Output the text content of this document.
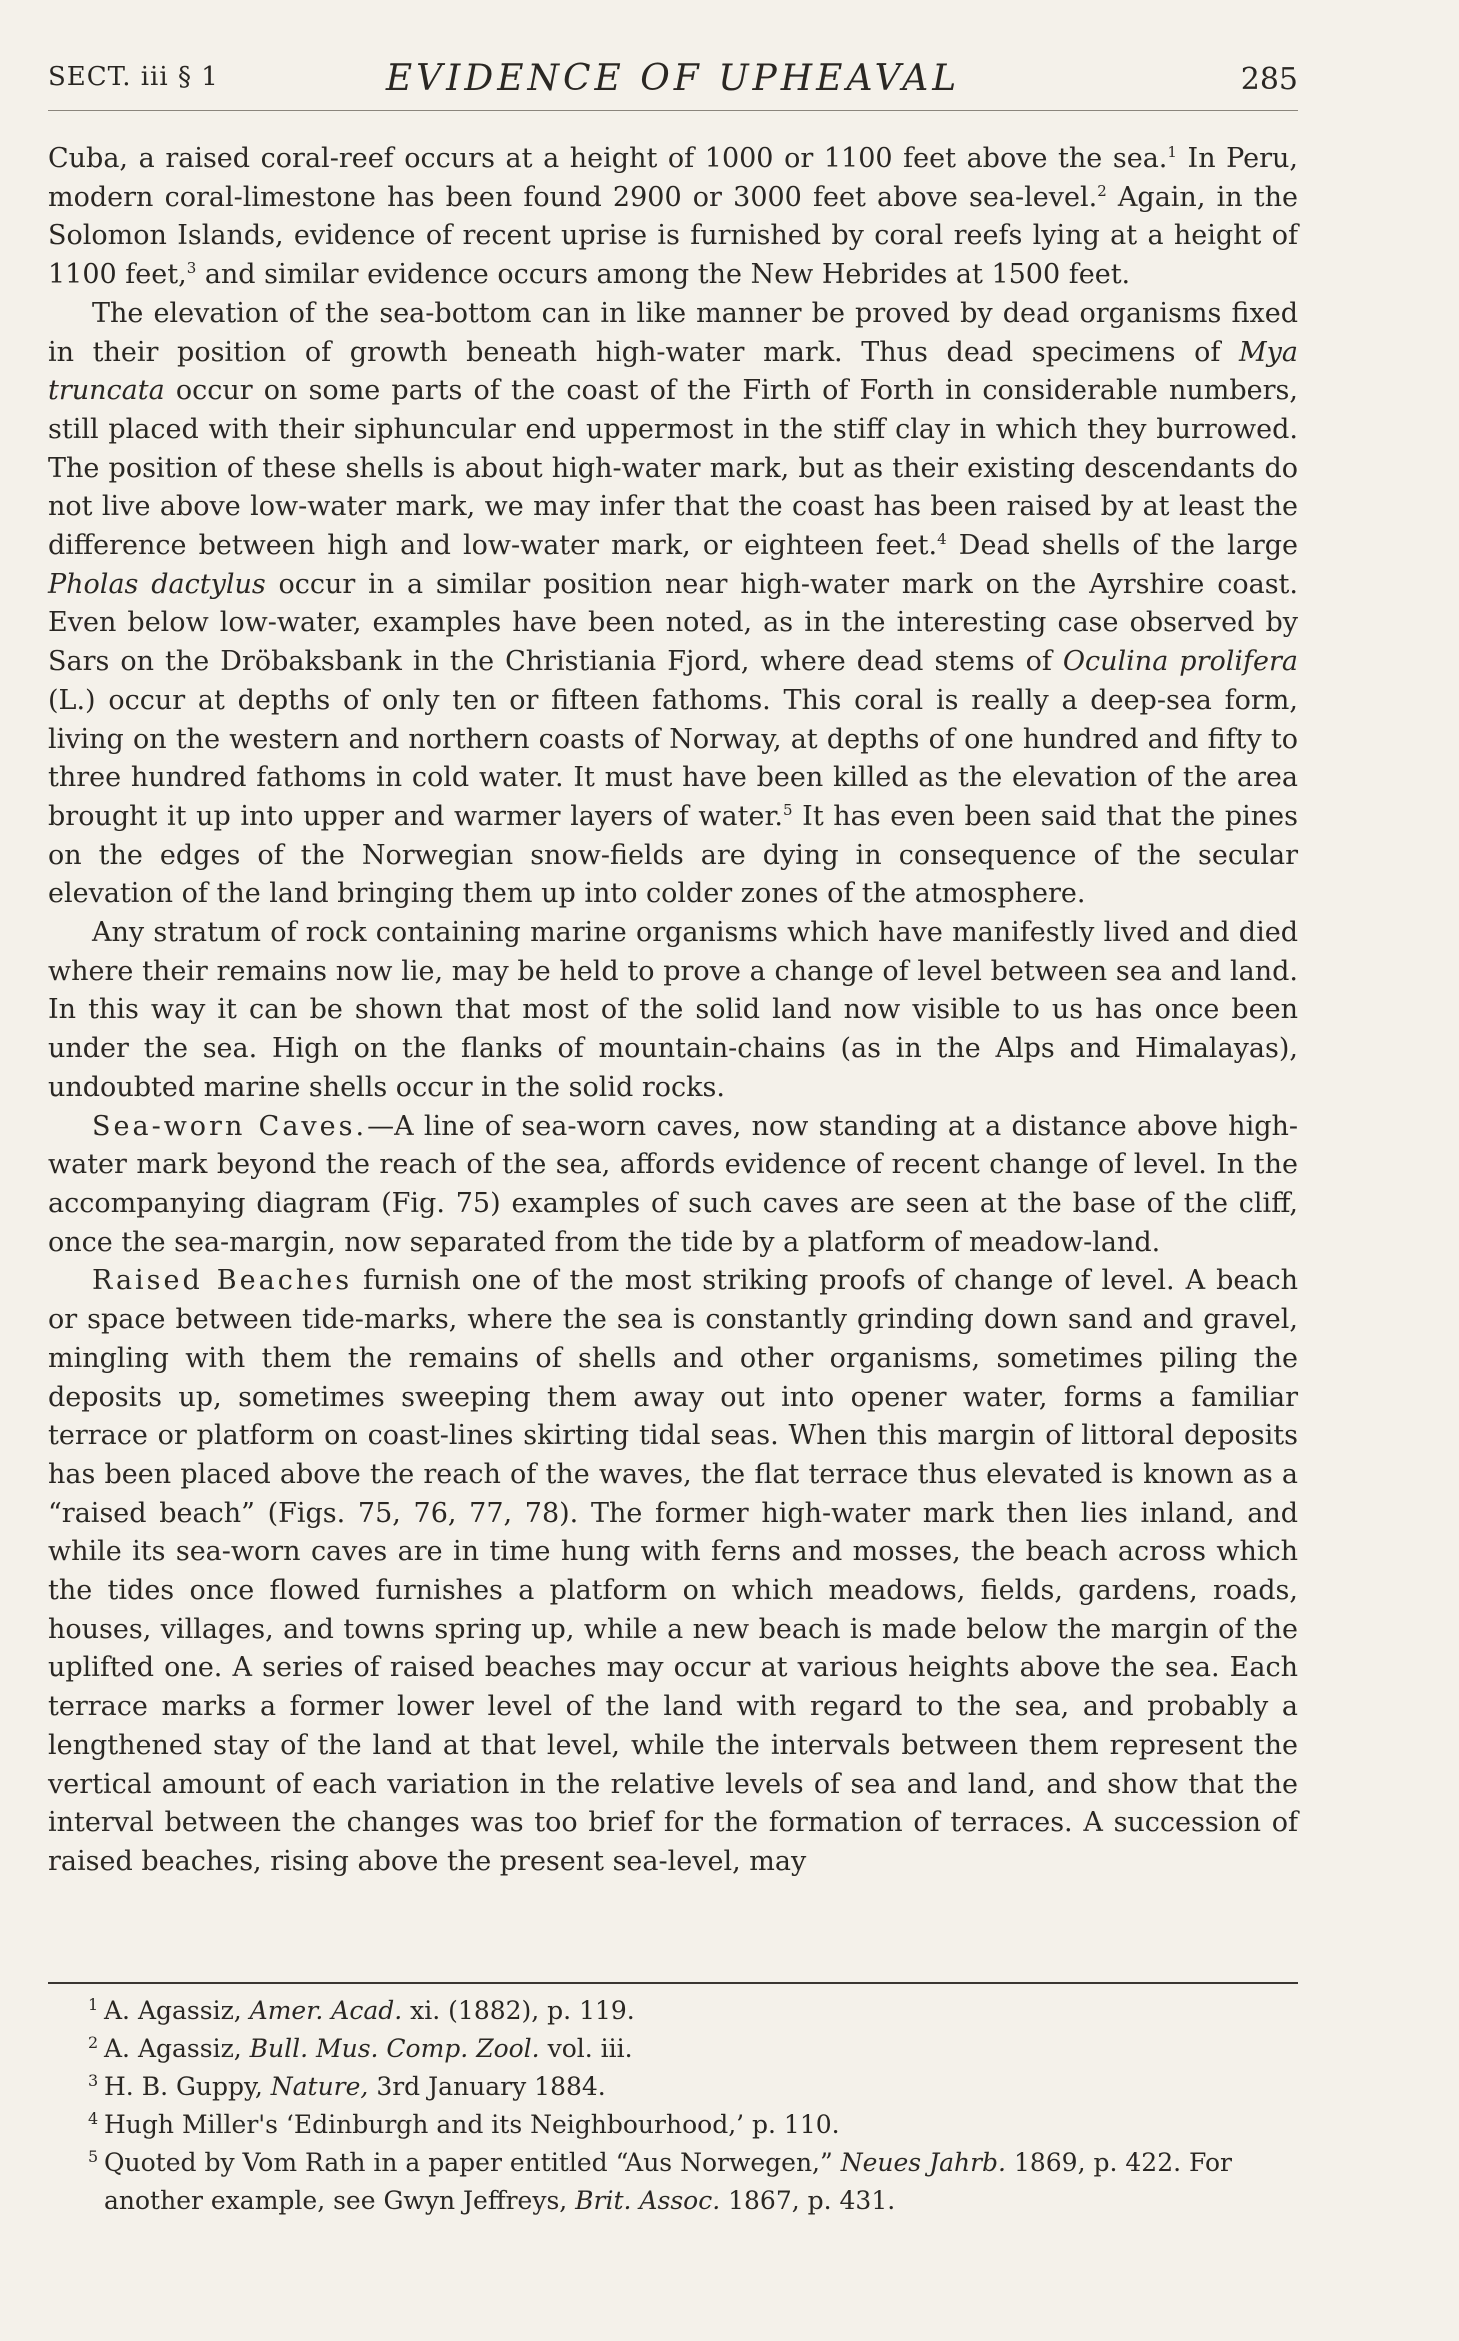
SECT. iii § 1	EVIDENCE OF UPHEAVAL	285

Cuba, a raised coral-reef occurs at a height of 1000 or 1100 feet above the sea.$^1$ In Peru, modern coral-limestone has been found 2900 or 3000 feet above sea-level.$^2$ Again, in the Solomon Islands, evidence of recent uprise is furnished by coral reefs lying at a height of 1100 feet,$^3$ and similar evidence occurs among the New Hebrides at 1500 feet.

The elevation of the sea-bottom can in like manner be proved by dead organisms fixed in their position of growth beneath high-water mark. Thus dead specimens of Mya truncata occur on some parts of the coast of the Firth of Forth in considerable numbers, still placed with their siphuncular end uppermost in the stiff clay in which they burrowed. The position of these shells is about high-water mark, but as their existing descendants do not live above low-water mark, we may infer that the coast has been raised by at least the difference between high and low-water mark, or eighteen feet.$^4$ Dead shells of the large Pholas dactylus occur in a similar position near high-water mark on the Ayrshire coast. Even below low-water, examples have been noted, as in the interesting case observed by Sars on the Dröbaksbank in the Christiania Fjord, where dead stems of Oculina prolifera (L.) occur at depths of only ten or fifteen fathoms. This coral is really a deep-sea form, living on the western and northern coasts of Norway, at depths of one hundred and fifty to three hundred fathoms in cold water. It must have been killed as the elevation of the area brought it up into upper and warmer layers of water.$^5$ It has even been said that the pines on the edges of the Norwegian snow-fields are dying in consequence of the secular elevation of the land bringing them up into colder zones of the atmosphere.

Any stratum of rock containing marine organisms which have manifestly lived and died where their remains now lie, may be held to prove a change of level between sea and land. In this way it can be shown that most of the solid land now visible to us has once been under the sea. High on the flanks of mountain-chains (as in the Alps and Himalayas), undoubted marine shells occur in the solid rocks.

Sea-worn Caves.—A line of sea-worn caves, now standing at a distance above high-water mark beyond the reach of the sea, affords evidence of recent change of level. In the accompanying diagram (Fig. 75) examples of such caves are seen at the base of the cliff, once the sea-margin, now separated from the tide by a platform of meadow-land.

Raised Beaches furnish one of the most striking proofs of change of level. A beach or space between tide-marks, where the sea is constantly grinding down sand and gravel, mingling with them the remains of shells and other organisms, sometimes piling the deposits up, sometimes sweeping them away out into opener water, forms a familiar terrace or platform on coast-lines skirting tidal seas. When this margin of littoral deposits has been placed above the reach of the waves, the flat terrace thus elevated is known as a “raised beach” (Figs. 75, 76, 77, 78). The former high-water mark then lies inland, and while its sea-worn caves are in time hung with ferns and mosses, the beach across which the tides once flowed furnishes a platform on which meadows, fields, gardens, roads, houses, villages, and towns spring up, while a new beach is made below the margin of the uplifted one. A series of raised beaches may occur at various heights above the sea. Each terrace marks a former lower level of the land with regard to the sea, and probably a lengthened stay of the land at that level, while the intervals between them represent the vertical amount of each variation in the relative levels of sea and land, and show that the interval between the changes was too brief for the formation of terraces. A succession of raised beaches, rising above the present sea-level, may

1 A. Agassiz, Amer. Acad. xi. (1882), p. 119.
2 A. Agassiz, Bull. Mus. Comp. Zool. vol. iii.
3 H. B. Guppy, Nature, 3rd January 1884.
4 Hugh Miller's ‘Edinburgh and its Neighbourhood,’ p. 110.
5 Quoted by Vom Rath in a paper entitled “Aus Norwegen,” Neues Jahrb. 1869, p. 422. For another example, see Gwyn Jeffreys, Brit. Assoc. 1867, p. 431.
